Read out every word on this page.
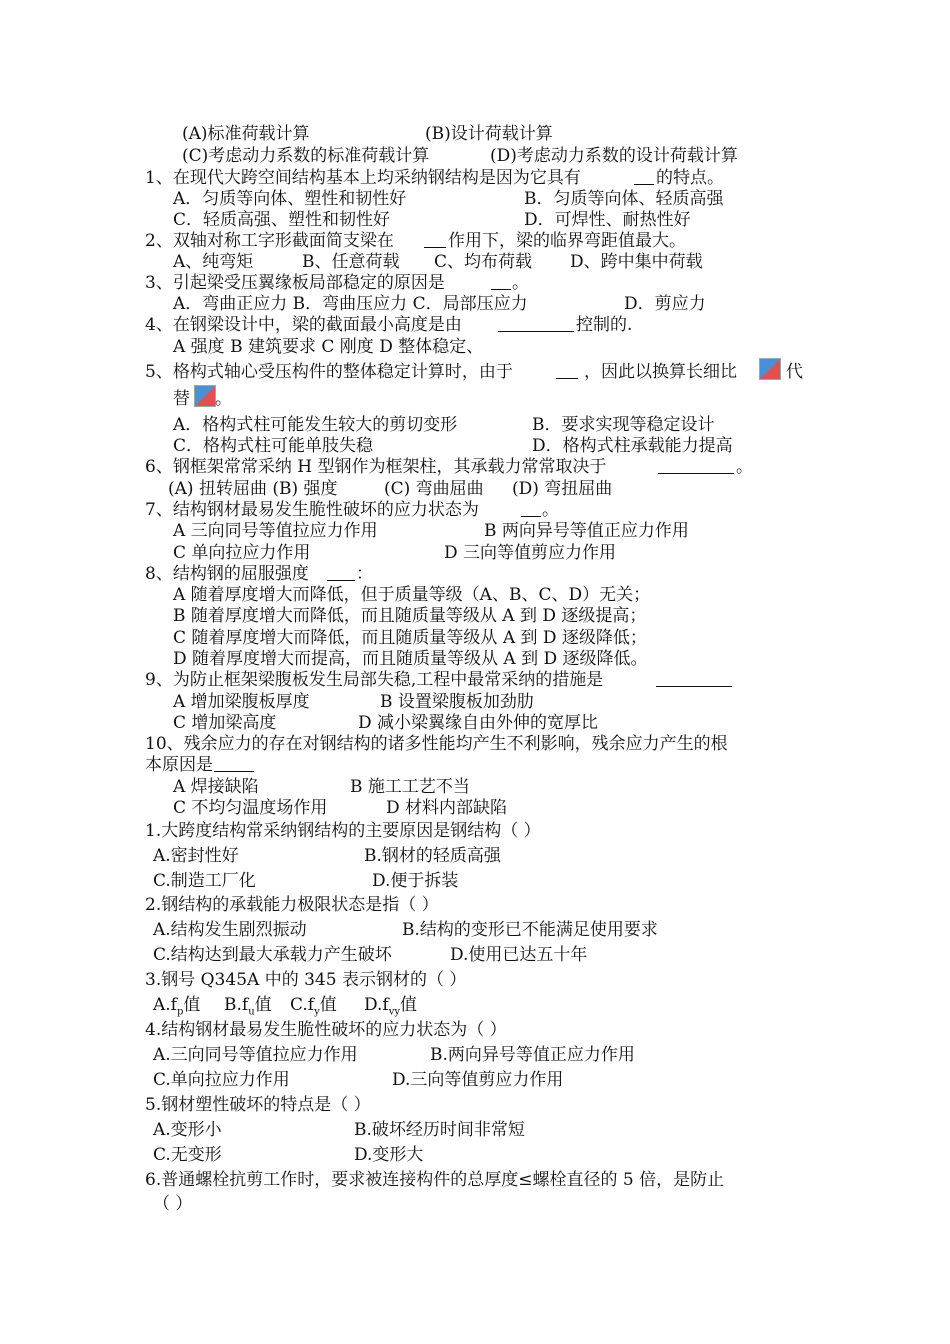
(A)标准荷载计算	(B)设计荷载计算
(C)考虑动力系数的标准荷载计算	(D)考虑动力系数的设计荷载计算
1、在现代大跨空间结构基本上均采纳钢结构是因为它具有	的特点。
A．匀质等向体、塑性和韧性好	B．匀质等向体、轻质高强
C．轻质高强、塑性和韧性好	D．可焊性、耐热性好
2、双轴对称工字形截面简支梁在	作用下，梁的临界弯距值最大。
A、纯弯矩	B、任意荷载 C、均布荷载 D、跨中集中荷载
3、引起梁受压翼缘板局部稳定的原因是	。
A．弯曲正应力 B．弯曲压应力 C．局部压应力	D．剪应力
4、在钢梁设计中，梁的截面最小高度是由	控制的.
A 强度 B 建筑要求 C 刚度 D 整体稳定、
5、格构式轴心受压构件的整体稳定计算时，由于	，因此以换算长细比	代
替 。
A．格构式柱可能发生较大的剪切变形	B．要求实现等稳定设计
C．格构式柱可能单肢失稳	D．格构式柱承载能力提高
6、钢框架常常采纳 H 型钢作为框架柱，其承载力常常取决于	。
(A) 扭转屈曲 (B) 强度	(C) 弯曲屈曲 (D) 弯扭屈曲
7、结构钢材最易发生脆性破坏的应力状态为	。
A 三向同号等值拉应力作用	B 两向异号等值正应力作用
C 单向拉应力作用	D 三向等值剪应力作用
8、结构钢的屈服强度	：
A 随着厚度增大而降低，但于质量等级（A、B、C、D）无关；
B 随着厚度增大而降低，而且随质量等级从 A 到 D 逐级提高；
C 随着厚度增大而降低，而且随质量等级从 A 到 D 逐级降低；
D 随着厚度增大而提高，而且随质量等级从 A 到 D 逐级降低。
9、为防止框架梁腹板发生局部失稳,工程中最常采纳的措施是
A 增加梁腹板厚度	B 设置梁腹板加劲肋
C 增加梁高度	D 减小梁翼缘自由外伸的宽厚比
10、残余应力的存在对钢结构的诸多性能均产生不利影响，残余应力产生的根
本原因是
A 焊接缺陷	B 施工工艺不当
C 不均匀温度场作用	D 材料内部缺陷
1.大跨度结构常采纳钢结构的主要原因是钢结构（ ）
A.密封性好	B.钢材的轻质高强
C.制造工厂化	D.便于拆装
2.钢结构的承载能力极限状态是指（ ）
A.结构发生剧烈振动	B.结构的变形已不能满足使用要求
C.结构达到最大承载力产生破坏	D.使用已达五十年
3.钢号 Q345A 中的 345 表示钢材的（ ）
$A.f_p$值 $B.f_u$值 $C.f_y$值 $D.f_{vy}$值
4.结构钢材最易发生脆性破坏的应力状态为（ ）
A.三向同号等值拉应力作用	B.两向异号等值正应力作用
C.单向拉应力作用	D.三向等值剪应力作用
5.钢材塑性破坏的特点是（ ）
A.变形小	B.破坏经历时间非常短
C.无变形	D.变形大
6.普通螺栓抗剪工作时，要求被连接构件的总厚度≤螺栓直径的 5 倍，是防止
（ ）
